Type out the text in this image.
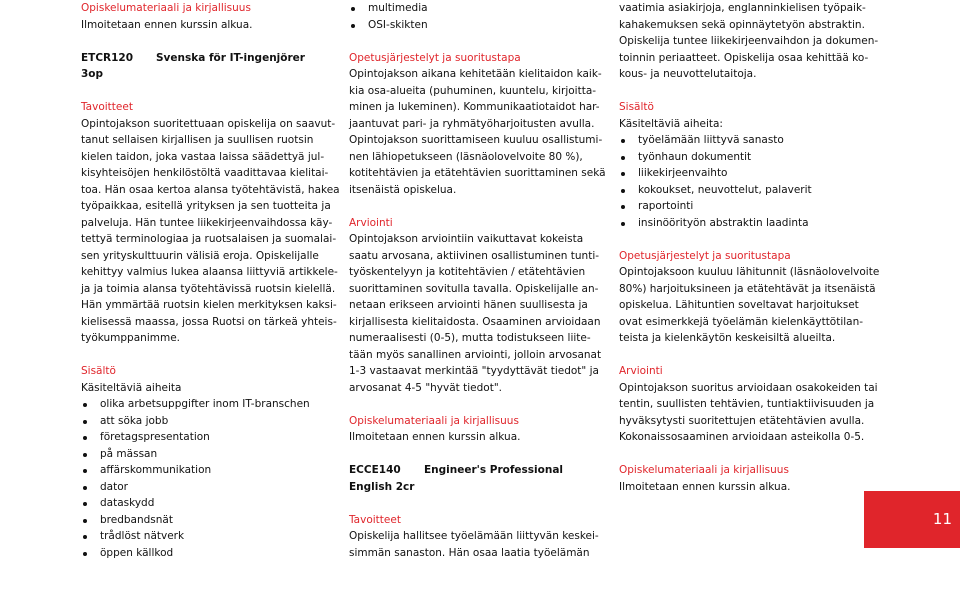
Opiskelumateriaali ja kirjallisuus
Ilmoitetaan ennen kurssin alkua.
ETCR120 Svenska för IT-ingenjörer
3op
Tavoitteet
Opintojakson suoritettuaan opiskelija on saavut-
tanut sellaisen kirjallisen ja suullisen ruotsin
kielen taidon, joka vastaa laissa säädettyä jul-
kisyhteisöjen henkilöstöltä vaadittavaa kielitai-
toa. Hän osaa kertoa alansa työtehtävistä, hakea
työpaikkaa, esitellä yrityksen ja sen tuotteita ja
palveluja. Hän tuntee liikekirjeenvaihdossa käy-
tettyä terminologiaa ja ruotsalaisen ja suomalai-
sen yrityskulttuurin välisiä eroja. Opiskelijalle
kehittyy valmius lukea alaansa liittyviä artikkele-
ja ja toimia alansa työtehtävissä ruotsin kielellä.
Hän ymmärtää ruotsin kielen merkityksen kaksi-
kielisessä maassa, jossa Ruotsi on tärkeä yhteis-
työkumppanimme.
Sisältö
Käsiteltäviä aiheita
olika arbetsuppgifter inom IT-branschen
att söka jobb
företagspresentation
på mässan
affärskommunikation
dator
dataskydd
bredbandsnät
trådlöst nätverk
öppen källkod
multimedia
OSI-skikten
Opetusjärjestelyt ja suoritustapa
Opintojakson aikana kehitetään kielitaidon kaik-
kia osa-alueita (puhuminen, kuuntelu, kirjoitta-
minen ja lukeminen). Kommunikaatiotaidot har-
jaantuvat pari- ja ryhmätyöharjoitusten avulla.
Opintojakson suorittamiseen kuuluu osallistumi-
nen lähiopetukseen (läsnäolovelvoite 80 %),
kotitehtävien ja etätehtävien suorittaminen sekä
itsenäistä opiskelua.
Arviointi
Opintojakson arviointiin vaikuttavat kokeista
saatu arvosana, aktiivinen osallistuminen tunti-
työskentelyyn ja kotitehtävien / etätehtävien
suorittaminen sovitulla tavalla. Opiskelijalle an-
netaan erikseen arviointi hänen suullisesta ja
kirjallisesta kielitaidosta. Osaaminen arvioidaan
numeraalisesti (0-5), mutta todistukseen liite-
tään myös sanallinen arviointi, jolloin arvosanat
1-3 vastaavat merkintää "tyydyttävät tiedot" ja
arvosanat 4-5 "hyvät tiedot".
Opiskelumateriaali ja kirjallisuus
Ilmoitetaan ennen kurssin alkua.
ECCE140 Engineer's Professional
English 2cr
Tavoitteet
Opiskelija hallitsee työelämään liittyvän keskei-
simmän sanaston. Hän osaa laatia työelämän
vaatimia asiakirjoja, englanninkielisen työpaik-
kahakemuksen sekä opinnäytetyön abstraktin.
Opiskelija tuntee liikekirjeenvaihdon ja dokumen-
toinnin periaatteet. Opiskelija osaa kehittää ko-
kous- ja neuvottelutaitoja.
Sisältö
Käsiteltäviä aiheita:
työelämään liittyvä sanasto
työnhaun dokumentit
liikekirjeenvaihto
kokoukset, neuvottelut, palaverit
raportointi
insinöörityön abstraktin laadinta
Opetusjärjestelyt ja suoritustapa
Opintojaksoon kuuluu lähitunnit (läsnäolovelvoite
80%) harjoituksineen ja etätehtävät ja itsenäistä
opiskelua. Lähituntien soveltavat harjoitukset
ovat esimerkkejä työelämän kielenkäyttötilan-
teista ja kielenkäytön keskeisiltä alueilta.
Arviointi
Opintojakson suoritus arvioidaan osakokeiden tai
tentin, suullisten tehtävien, tuntiaktiivisuuden ja
hyväksytysti suoritettujen etätehtävien avulla.
Kokonaissosaaminen arvioidaan asteikolla 0-5.
Opiskelumateriaali ja kirjallisuus
Ilmoitetaan ennen kurssin alkua.
11
